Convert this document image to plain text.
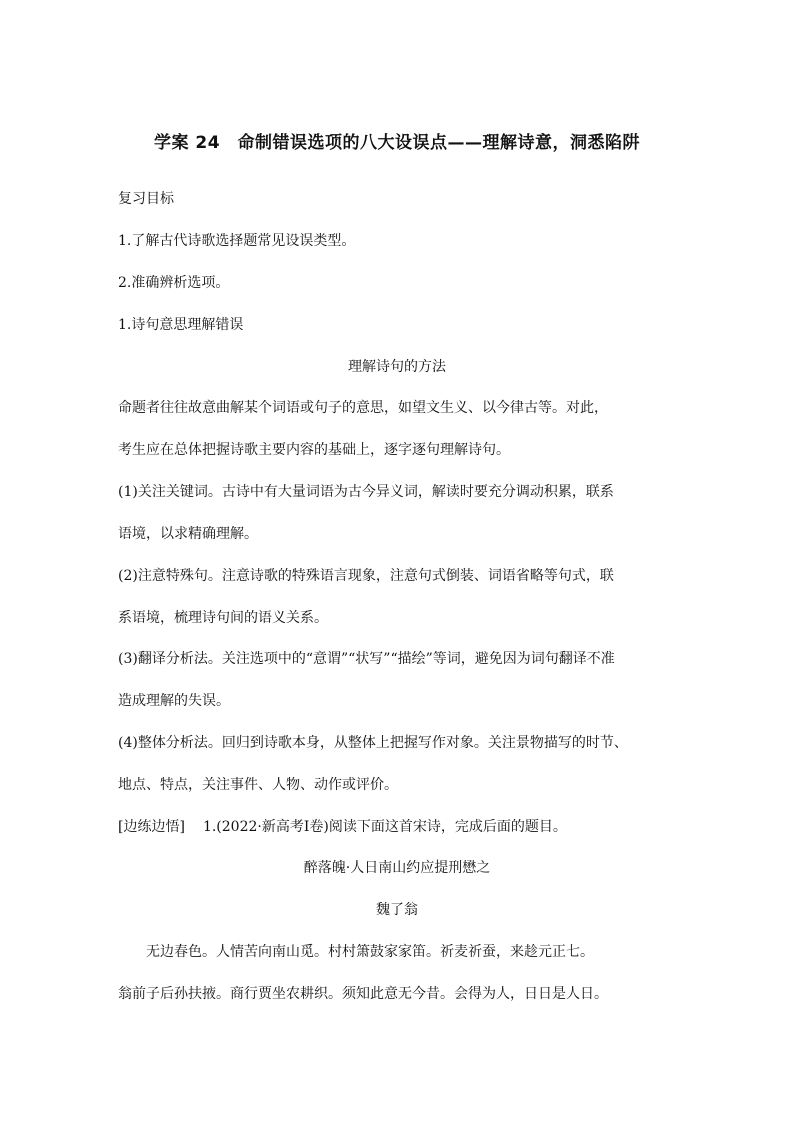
学案 24　命制错误选项的八大设误点——理解诗意，洞悉陷阱
复习目标
1.了解古代诗歌选择题常见设误类型。
2.准确辨析选项。
1.诗句意思理解错误
理解诗句的方法
命题者往往故意曲解某个词语或句子的意思，如望文生义、以今律古等。对此，
考生应在总体把握诗歌主要内容的基础上，逐字逐句理解诗句。
(1)关注关键词。古诗中有大量词语为古今异义词，解读时要充分调动积累，联系
语境，以求精确理解。
(2)注意特殊句。注意诗歌的特殊语言现象，注意句式倒装、词语省略等句式，联
系语境，梳理诗句间的语义关系。
(3)翻译分析法。关注选项中的“意谓”“状写”“描绘”等词，避免因为词句翻译不准
造成理解的失误。
(4)整体分析法。回归到诗歌本身，从整体上把握写作对象。关注景物描写的时节、
地点、特点，关注事件、人物、动作或评价。
[边练边悟] 1.(2022·新高考Ⅰ卷)阅读下面这首宋诗，完成后面的题目。
醉落魄·人日南山约应提刑懋之
魏了翁
无边春色。人情苦向南山觅。村村箫鼓家家笛。祈麦祈蚕，来趁元正七。
翁前子后孙扶掖。商行贾坐农耕织。须知此意无今昔。会得为人，日日是人日。
